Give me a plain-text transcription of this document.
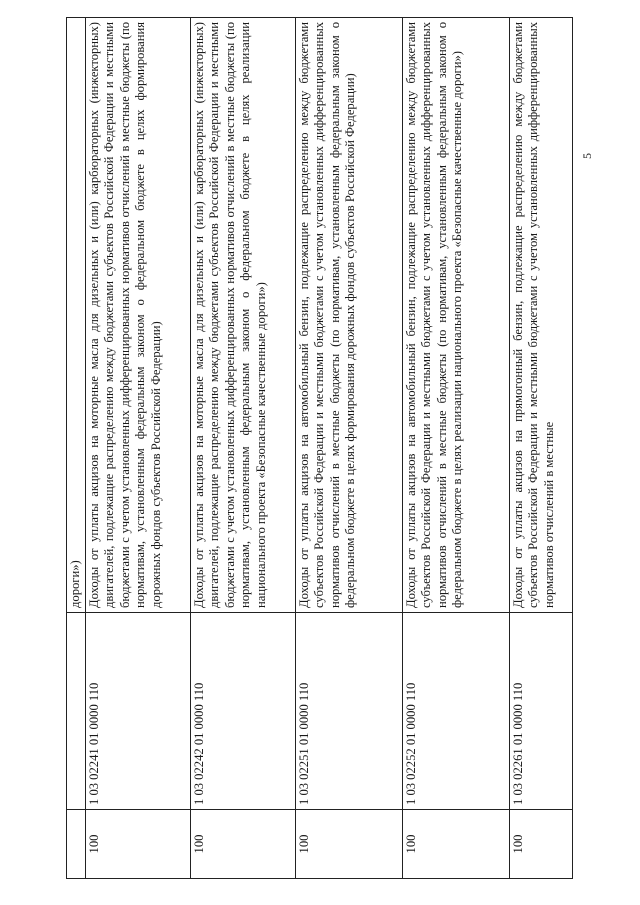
		дороги»)
100	1 03 02241 01 0000 110	Доходы от уплаты акцизов на моторные масла для дизельных и (или) карбюраторных (инжекторных) двигателей, подлежащие распределению между бюджетами субъектов Российской Федерации и местными бюджетами с учетом установленных дифференцированных нормативов отчислений в местные бюджеты (по нормативам, установленным федеральным законом о федеральном бюджете в целях формирования дорожных фондов субъектов Российской Федерации)
100	1 03 02242 01 0000 110	Доходы от уплаты акцизов на моторные масла для дизельных и (или) карбюраторных (инжекторных) двигателей, подлежащие распределению между бюджетами субъектов Российской Федерации и местными бюджетами с учетом установленных дифференцированных нормативов отчислений в местные бюджеты (по нормативам, установленным федеральным законом о федеральном бюджете в целях реализации национального проекта «Безопасные качественные дороги»)
100	1 03 02251 01 0000 110	Доходы от уплаты акцизов на автомобильный бензин, подлежащие распределению между бюджетами субъектов Российской Федерации и местными бюджетами с учетом установленных дифференцированных нормативов отчислений в местные бюджеты (по нормативам, установленным федеральным законом о федеральном бюджете в целях формирования дорожных фондов субъектов Российской Федерации)
100	1 03 02252 01 0000 110	Доходы от уплаты акцизов на автомобильный бензин, подлежащие распределению между бюджетами субъектов Российской Федерации и местными бюджетами с учетом установленных дифференцированных нормативов отчислений в местные бюджеты (по нормативам, установленным федеральным законом о федеральном бюджете в целях реализации национального проекта «Безопасные качественные дороги»)
100	1 03 02261 01 0000 110	Доходы от уплаты акцизов на прямогонный бензин, подлежащие распределению между бюджетами субъектов Российской Федерации и местными бюджетами с учетом установленных дифференцированных нормативов отчислений в местные
5
